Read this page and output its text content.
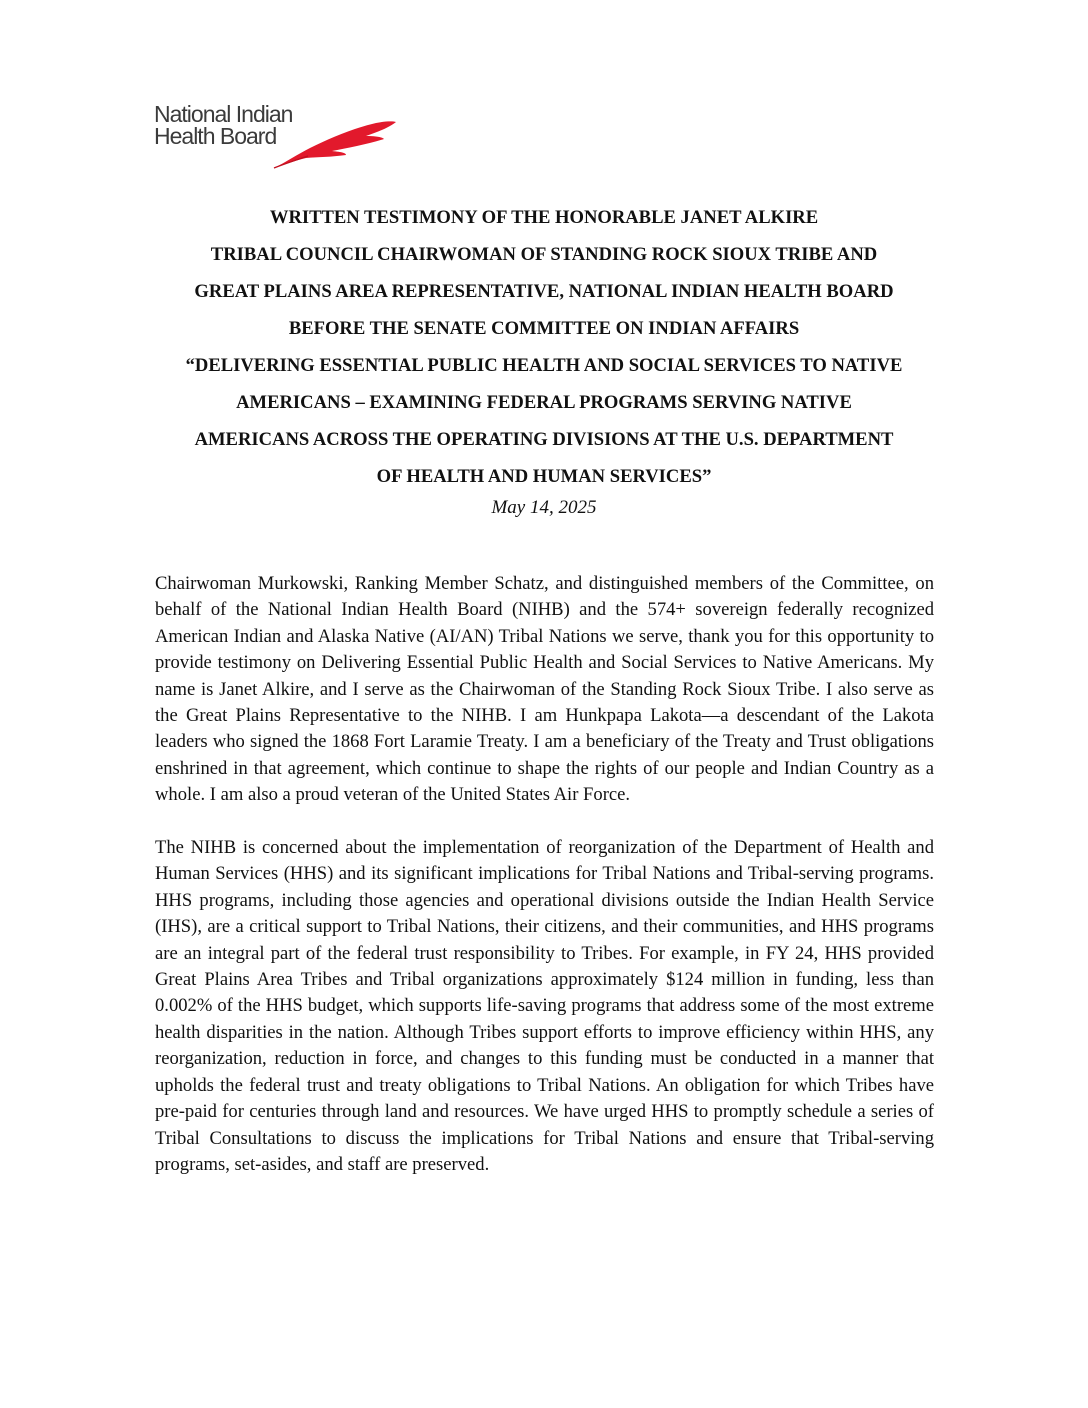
National Indian
Health Board
WRITTEN TESTIMONY OF THE HONORABLE JANET ALKIRE
TRIBAL COUNCIL CHAIRWOMAN OF STANDING ROCK SIOUX TRIBE AND
GREAT PLAINS AREA REPRESENTATIVE, NATIONAL INDIAN HEALTH BOARD
BEFORE THE SENATE COMMITTEE ON INDIAN AFFAIRS
“DELIVERING ESSENTIAL PUBLIC HEALTH AND SOCIAL SERVICES TO NATIVE
AMERICANS – EXAMINING FEDERAL PROGRAMS SERVING NATIVE
AMERICANS ACROSS THE OPERATING DIVISIONS AT THE U.S. DEPARTMENT
OF HEALTH AND HUMAN SERVICES”
May 14, 2025

Chairwoman Murkowski, Ranking Member Schatz, and distinguished members of the Committee, on behalf of the National Indian Health Board (NIHB) and the 574+ sovereign federally recognized American Indian and Alaska Native (AI/AN) Tribal Nations we serve, thank you for this opportunity to provide testimony on Delivering Essential Public Health and Social Services to Native Americans. My name is Janet Alkire, and I serve as the Chairwoman of the Standing Rock Sioux Tribe. I also serve as the Great Plains Representative to the NIHB. I am Hunkpapa Lakota—a descendant of the Lakota leaders who signed the 1868 Fort Laramie Treaty. I am a beneficiary of the Treaty and Trust obligations enshrined in that agreement, which continue to shape the rights of our people and Indian Country as a whole. I am also a proud veteran of the United States Air Force.

The NIHB is concerned about the implementation of reorganization of the Department of Health and Human Services (HHS) and its significant implications for Tribal Nations and Tribal-serving programs. HHS programs, including those agencies and operational divisions outside the Indian Health Service (IHS), are a critical support to Tribal Nations, their citizens, and their communities, and HHS programs are an integral part of the federal trust responsibility to Tribes. For example, in FY 24, HHS provided Great Plains Area Tribes and Tribal organizations approximately $124 million in funding, less than 0.002% of the HHS budget, which supports life-saving programs that address some of the most extreme health disparities in the nation. Although Tribes support efforts to improve efficiency within HHS, any reorganization, reduction in force, and changes to this funding must be conducted in a manner that upholds the federal trust and treaty obligations to Tribal Nations. An obligation for which Tribes have pre-paid for centuries through land and resources. We have urged HHS to promptly schedule a series of Tribal Consultations to discuss the implications for Tribal Nations and ensure that Tribal-serving programs, set-asides, and staff are preserved.
